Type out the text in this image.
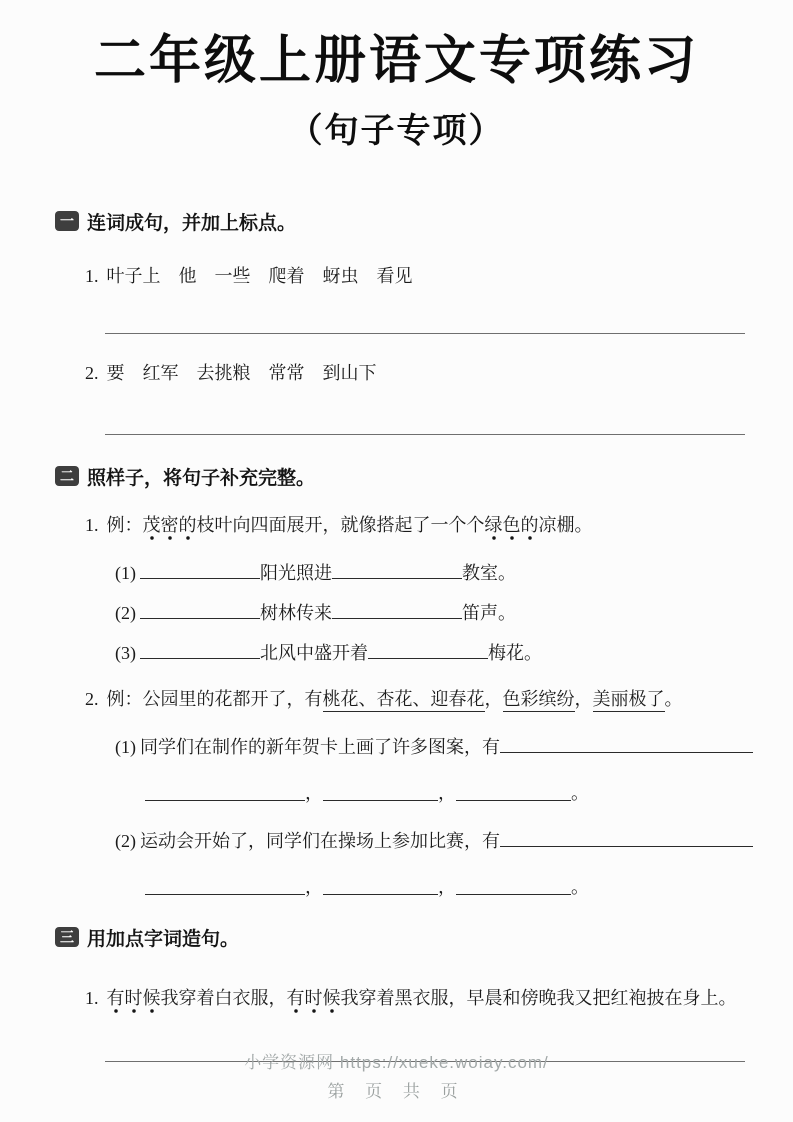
二年级上册语文专项练习
（句子专项）
一 连词成句，并加上标点。
1. 叶子上　他　一些　爬着　蚜虫　看见
2. 要　红军　去挑粮　常常　到山下
二 照样子，将句子补充完整。
1. 例：茂密的枝叶向四面展开，就像搭起了一个个绿色的凉棚。
(1)	阳光照进	教室。
(2)	树林传来	笛声。
(3)	北风中盛开着	梅花。
2. 例：公园里的花都开了，有桃花、杏花、迎春花，色彩缤纷，美丽极了。
(1) 同学们在制作的新年贺卡上画了许多图案，有
，	，	。
(2) 运动会开始了，同学们在操场上参加比赛，有
，	，	。
三 用加点字词造句。
1. 有时候我穿着白衣服，有时候我穿着黑衣服，早晨和傍晚我又把红袍披在身上。
小学资源网 https://xueke.woiay.com/
第 页 共 页
